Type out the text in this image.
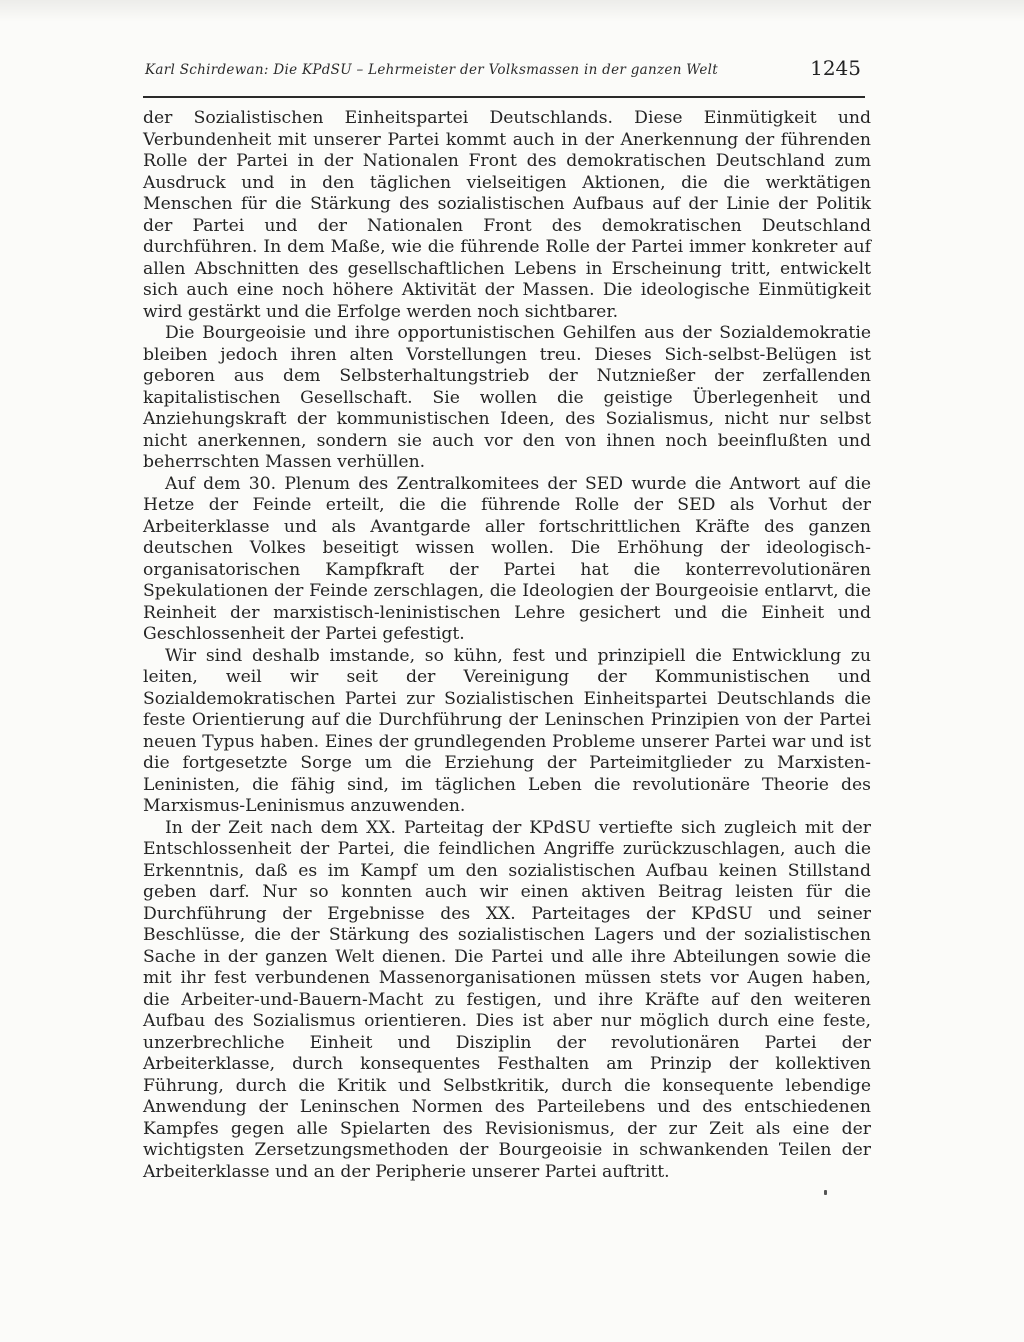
Karl Schirdewan: Die KPdSU – Lehrmeister der Volksmassen in der ganzen Welt	1245

der Sozialistischen Einheitspartei Deutschlands. Diese Einmütigkeit und Verbundenheit mit unserer Partei kommt auch in der Anerkennung der führenden Rolle der Partei in der Nationalen Front des demokratischen Deutschland zum Ausdruck und in den täglichen vielseitigen Aktionen, die die werktätigen Menschen für die Stärkung des sozialistischen Aufbaus auf der Linie der Politik der Partei und der Nationalen Front des demokratischen Deutschland durchführen. In dem Maße, wie die führende Rolle der Partei immer konkreter auf allen Abschnitten des gesellschaftlichen Lebens in Erscheinung tritt, entwickelt sich auch eine noch höhere Aktivität der Massen. Die ideologische Einmütigkeit wird gestärkt und die Erfolge werden noch sichtbarer.

Die Bourgeoisie und ihre opportunistischen Gehilfen aus der Sozialdemokratie bleiben jedoch ihren alten Vorstellungen treu. Dieses Sich-selbst-Belügen ist geboren aus dem Selbsterhaltungstrieb der Nutznießer der zerfallenden kapitalistischen Gesellschaft. Sie wollen die geistige Überlegenheit und Anziehungskraft der kommunistischen Ideen, des Sozialismus, nicht nur selbst nicht anerkennen, sondern sie auch vor den von ihnen noch beeinflußten und beherrschten Massen verhüllen.

Auf dem 30. Plenum des Zentralkomitees der SED wurde die Antwort auf die Hetze der Feinde erteilt, die die führende Rolle der SED als Vorhut der Arbeiterklasse und als Avantgarde aller fortschrittlichen Kräfte des ganzen deutschen Volkes beseitigt wissen wollen. Die Erhöhung der ideologisch-organisatorischen Kampfkraft der Partei hat die konterrevolutionären Spekulationen der Feinde zerschlagen, die Ideologien der Bourgeoisie entlarvt, die Reinheit der marxistisch-leninistischen Lehre gesichert und die Einheit und Geschlossenheit der Partei gefestigt.

Wir sind deshalb imstande, so kühn, fest und prinzipiell die Entwicklung zu leiten, weil wir seit der Vereinigung der Kommunistischen und Sozialdemokratischen Partei zur Sozialistischen Einheitspartei Deutschlands die feste Orientierung auf die Durchführung der Leninschen Prinzipien von der Partei neuen Typus haben. Eines der grundlegenden Probleme unserer Partei war und ist die fortgesetzte Sorge um die Erziehung der Parteimitglieder zu Marxisten-Leninisten, die fähig sind, im täglichen Leben die revolutionäre Theorie des Marxismus-Leninismus anzuwenden.

In der Zeit nach dem XX. Parteitag der KPdSU vertiefte sich zugleich mit der Entschlossenheit der Partei, die feindlichen Angriffe zurückzuschlagen, auch die Erkenntnis, daß es im Kampf um den sozialistischen Aufbau keinen Stillstand geben darf. Nur so konnten auch wir einen aktiven Beitrag leisten für die Durchführung der Ergebnisse des XX. Parteitages der KPdSU und seiner Beschlüsse, die der Stärkung des sozialistischen Lagers und der sozialistischen Sache in der ganzen Welt dienen. Die Partei und alle ihre Abteilungen sowie die mit ihr fest verbundenen Massenorganisationen müssen stets vor Augen haben, die Arbeiter-und-Bauern-Macht zu festigen, und ihre Kräfte auf den weiteren Aufbau des Sozialismus orientieren. Dies ist aber nur möglich durch eine feste, unzerbrechliche Einheit und Disziplin der revolutionären Partei der Arbeiterklasse, durch konsequentes Festhalten am Prinzip der kollektiven Führung, durch die Kritik und Selbstkritik, durch die konsequente lebendige Anwendung der Leninschen Normen des Parteilebens und des entschiedenen Kampfes gegen alle Spielarten des Revisionismus, der zur Zeit als eine der wichtigsten Zersetzungsmethoden der Bourgeoisie in schwankenden Teilen der Arbeiterklasse und an der Peripherie unserer Partei auftritt.
